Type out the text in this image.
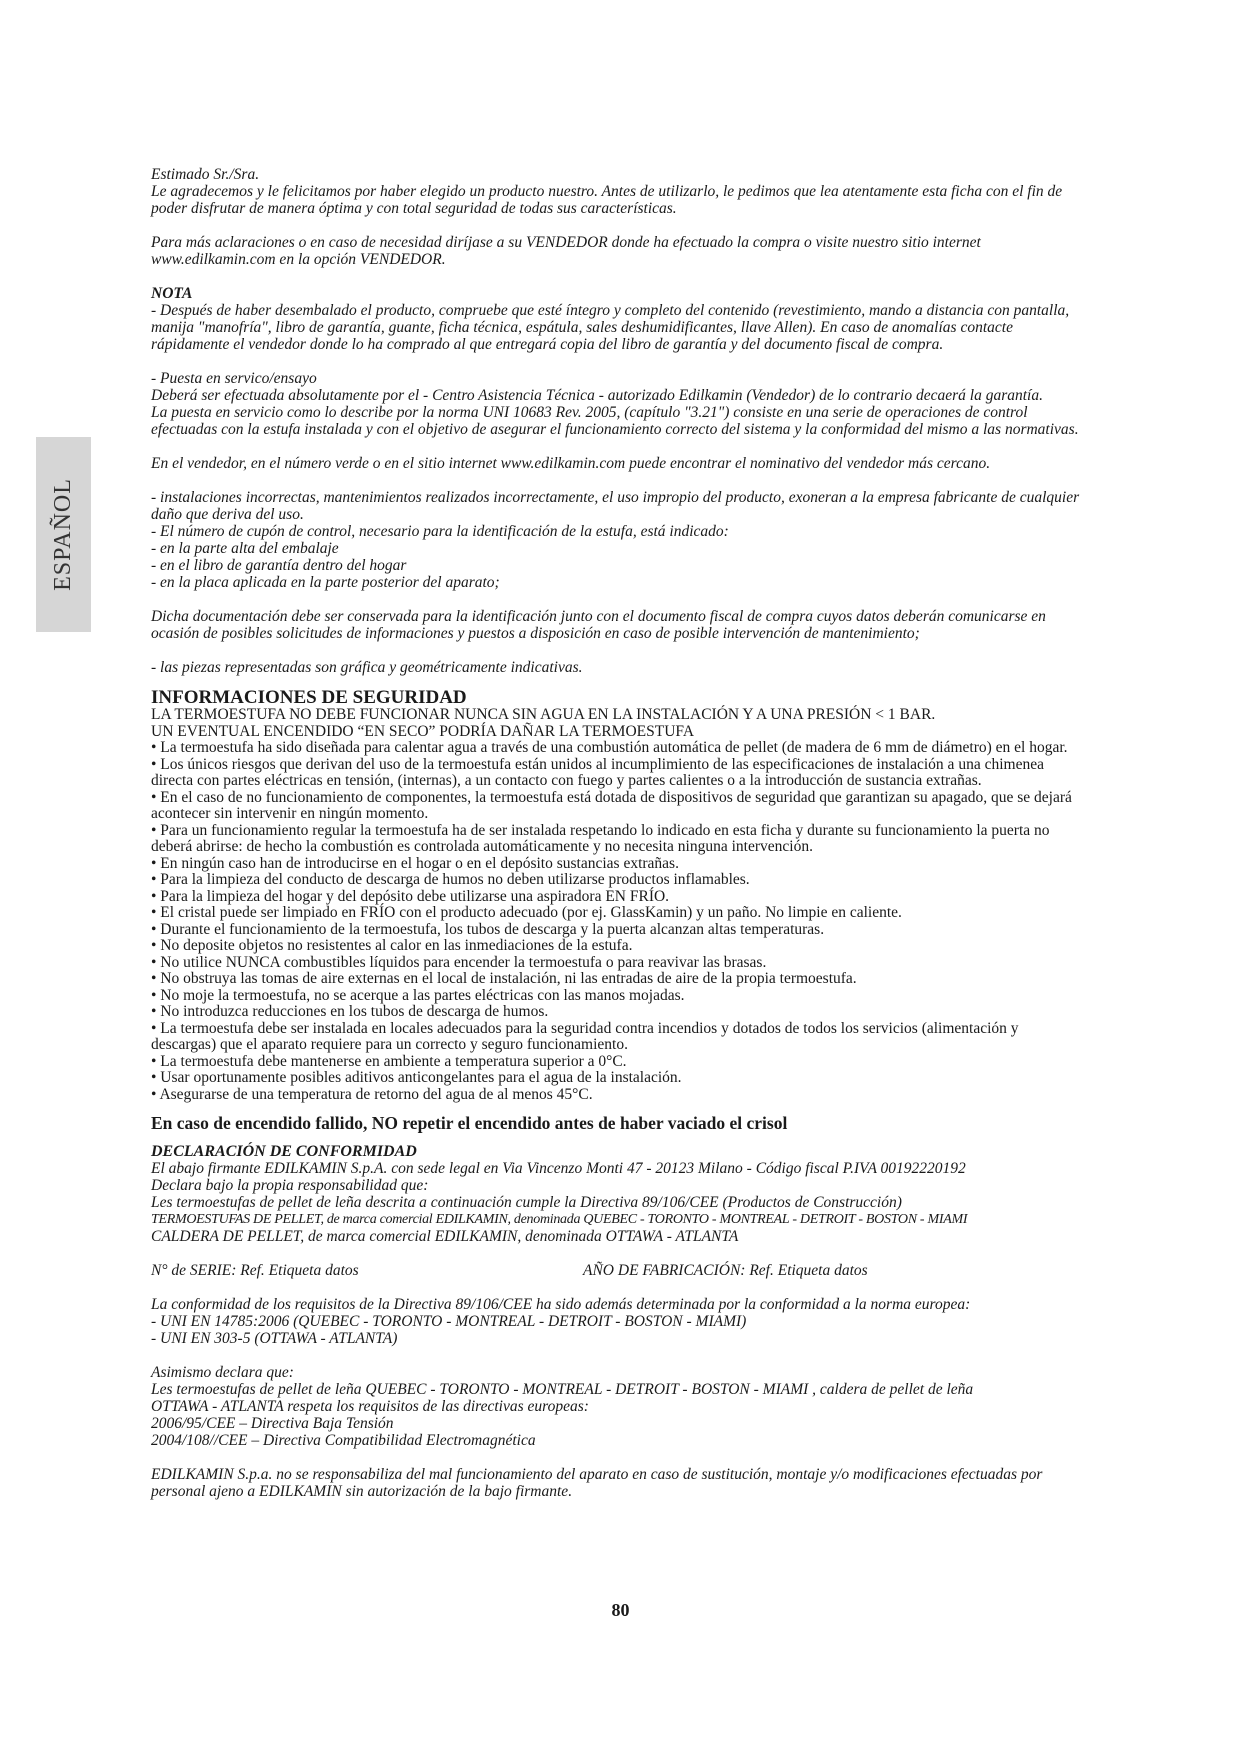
ESPAÑOL

Estimado Sr./Sra.

Le agradecemos y le felicitamos por haber elegido un producto nuestro. Antes de utilizarlo, le pedimos que lea atentamente esta ficha con el fin de poder disfrutar de manera óptima y con total seguridad de todas sus características.

Para más aclaraciones o en caso de necesidad diríjase a su VENDEDOR donde ha efectuado la compra o visite nuestro sitio internet www.edilkamin.com en la opción VENDEDOR.

NOTA

- Después de haber desembalado el producto, compruebe que esté íntegro y completo del contenido (revestimiento, mando a distancia con pantalla, manija "manofría", libro de garantía, guante, ficha técnica, espátula, sales deshumidificantes, llave Allen). En caso de anomalías contacte rápidamente el vendedor donde lo ha comprado al que entregará copia del libro de garantía y del documento fiscal de compra.

- Puesta en servico/ensayo

Deberá ser efectuada absolutamente por el - Centro Asistencia Técnica - autorizado Edilkamin (Vendedor) de lo contrario decaerá la garantía.

La puesta en servicio como lo describe por la norma UNI 10683 Rev. 2005, (capítulo "3.21") consiste en una serie de operaciones de control efectuadas con la estufa instalada y con el objetivo de asegurar el funcionamiento correcto del sistema y la conformidad del mismo a las normativas.

En el vendedor, en el número verde o en el sitio internet www.edilkamin.com puede encontrar el nominativo del vendedor más cercano.

- instalaciones incorrectas, mantenimientos realizados incorrectamente, el uso impropio del producto, exoneran a la empresa fabricante de cualquier daño que deriva del uso.

- El número de cupón de control, necesario para la identificación de la estufa, está indicado:

- en la parte alta del embalaje

- en el libro de garantía dentro del hogar

- en la placa aplicada en la parte posterior del aparato;

Dicha documentación debe ser conservada para la identificación junto con el documento fiscal de compra cuyos datos deberán comunicarse en ocasión de posibles solicitudes de informaciones y puestos a disposición en caso de posible intervención de mantenimiento;

- las piezas representadas son gráfica y geométricamente indicativas.

INFORMACIONES DE SEGURIDAD

LA TERMOESTUFA NO DEBE FUNCIONAR NUNCA SIN AGUA EN LA INSTALACIÓN Y A UNA PRESIÓN < 1 BAR.

UN EVENTUAL ENCENDIDO “EN SECO” PODRÍA DAÑAR LA TERMOESTUFA

• La termoestufa ha sido diseñada para calentar agua a través de una combustión automática de pellet (de madera de 6 mm de diámetro) en el hogar.

• Los únicos riesgos que derivan del uso de la termoestufa están unidos al incumplimiento de las especificaciones de instalación a una chimenea directa con partes eléctricas en tensión, (internas), a un contacto con fuego y partes calientes o a la introducción de sustancia extrañas.

• En el caso de no funcionamiento de componentes, la termoestufa está dotada de dispositivos de seguridad que garantizan su apagado, que se dejará acontecer sin intervenir en ningún momento.

• Para un funcionamiento regular la termoestufa ha de ser instalada respetando lo indicado en esta ficha y durante su funcionamiento la puerta no deberá abrirse: de hecho la combustión es controlada automáticamente y no necesita ninguna intervención.

• En ningún caso han de introducirse en el hogar o en el depósito sustancias extrañas.

• Para la limpieza del conducto de descarga de humos no deben utilizarse productos inflamables.

• Para la limpieza del hogar y del depósito debe utilizarse una aspiradora EN FRÍO.

• El cristal puede ser limpiado en FRÍO con el producto adecuado (por ej. GlassKamin) y un paño. No limpie en caliente.

• Durante el funcionamiento de la termoestufa, los tubos de descarga y la puerta alcanzan altas temperaturas.

• No deposite objetos no resistentes al calor en las inmediaciones de la estufa.

• No utilice NUNCA combustibles líquidos para encender la termoestufa o para reavivar las brasas.

• No obstruya las tomas de aire externas en el local de instalación, ni las entradas de aire de la propia termoestufa.

• No moje la termoestufa, no se acerque a las partes eléctricas con las manos mojadas.

• No introduzca reducciones en los tubos de descarga de humos.

• La termoestufa debe ser instalada en locales adecuados para la seguridad contra incendios y dotados de todos los servicios (alimentación y descargas) que el aparato requiere para un correcto y seguro funcionamiento.

• La termoestufa debe mantenerse en ambiente a temperatura superior a 0°C.

• Usar oportunamente posibles aditivos anticongelantes para el agua de la instalación.

• Asegurarse de una temperatura de retorno del agua de al menos 45°C.

En caso de encendido fallido, NO repetir el encendido antes de haber vaciado el crisol

DECLARACIÓN DE CONFORMIDAD

El abajo firmante EDILKAMIN S.p.A. con sede legal en Via Vincenzo Monti 47 - 20123 Milano - Código fiscal P.IVA 00192220192

Declara bajo la propia responsabilidad que:

Les termoestufas de pellet de leña descrita a continuación cumple la Directiva 89/106/CEE (Productos de Construcción)

TERMOESTUFAS DE PELLET, de marca comercial EDILKAMIN, denominada QUEBEC - TORONTO - MONTREAL - DETROIT - BOSTON - MIAMI

CALDERA DE PELLET, de marca comercial EDILKAMIN, denominada OTTAWA - ATLANTA

N° de SERIE: Ref. Etiqueta datos	AÑO DE FABRICACIÓN: Ref. Etiqueta datos

La conformidad de los requisitos de la Directiva 89/106/CEE ha sido además determinada por la conformidad a la norma europea:

- UNI EN 14785:2006 (QUEBEC - TORONTO - MONTREAL - DETROIT - BOSTON - MIAMI)

- UNI EN 303-5 (OTTAWA - ATLANTA)

Asimismo declara que:

Les termoestufas de pellet de leña QUEBEC - TORONTO - MONTREAL - DETROIT - BOSTON - MIAMI , caldera de pellet de leña

OTTAWA - ATLANTA respeta los requisitos de las directivas europeas:

2006/95/CEE – Directiva Baja Tensión

2004/108//CEE – Directiva Compatibilidad Electromagnética

EDILKAMIN S.p.a. no se responsabiliza del mal funcionamiento del aparato en caso de sustitución, montaje y/o modificaciones efectuadas por personal ajeno a EDILKAMIN sin autorización de la bajo firmante.

80
